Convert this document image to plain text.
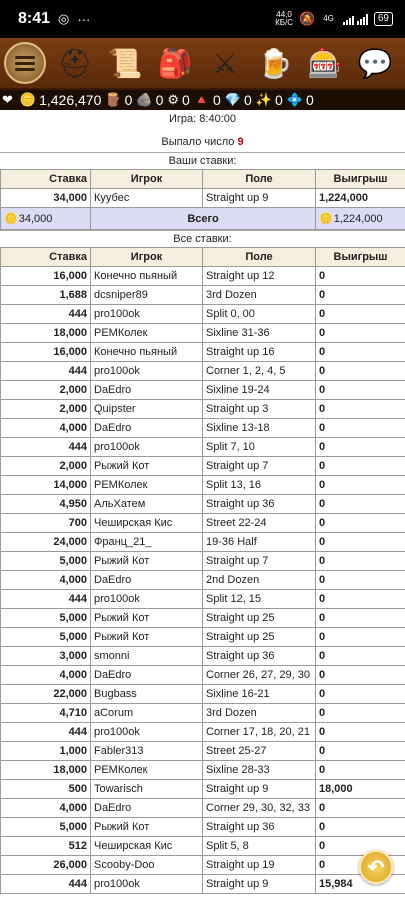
8:41 ◎ ···	44,0
КБ/С 🔕 4G	69
⛑ 📜 🎒 ⚔ 🍺 🎰 💬
❤ 🪙 1,426,470 🪵 0 🪨 0 ⚙ 0 🔺 0 💎 0 ✨ 0 💠 0
Игра: 8:40:00
Выпало число 9
Ваши ставки:
Ставка	Игрок	Поле	Выигрыш
34,000	Куубес	Straight up 9	1,224,000
🪙34,000	Всего		🪙1,224,000
Все ставки:
Ставка	Игрок	Поле	Выигрыш
16,000	Конечно пьяный	Straight up 12	0
1,688	dcsniper89	3rd Dozen	0
444	pro100ok	Split 0, 00	0
18,000	PEMКолек	Sixline 31-36	0
16,000	Конечно пьяный	Straight up 16	0
444	pro100ok	Corner 1, 2, 4, 5	0
2,000	DaEdro	Sixline 19-24	0
2,000	Quipster	Straight up 3	0
4,000	DaEdro	Sixline 13-18	0
444	pro100ok	Split 7, 10	0
2,000	Рыжий Кот	Straight up 7	0
14,000	PEMКолек	Split 13, 16	0
4,950	АльХатем	Straight up 36	0
700	Чеширская Кис	Street 22-24	0
24,000	Франц_21_	19-36 Half	0
5,000	Рыжий Кот	Straight up 7	0
4,000	DaEdro	2nd Dozen	0
444	pro100ok	Split 12, 15	0
5,000	Рыжий Кот	Straight up 25	0
5,000	Рыжий Кот	Straight up 25	0
3,000	smonni	Straight up 36	0
4,000	DaEdro	Corner 26, 27, 29, 30	0
22,000	Bugbass	Sixline 16-21	0
4,710	aCorum	3rd Dozen	0
444	pro100ok	Corner 17, 18, 20, 21	0
1,000	Fabler313	Street 25-27	0
18,000	PEMКолек	Sixline 28-33	0
500	Towarisch	Straight up 9	18,000
4,000	DaEdro	Corner 29, 30, 32, 33	0
5,000	Рыжий Кот	Straight up 36	0
512	Чеширская Кис	Split 5, 8	0
26,000	Scooby-Doo	Straight up 19	0
444	pro100ok	Straight up 9	15,984
↶
